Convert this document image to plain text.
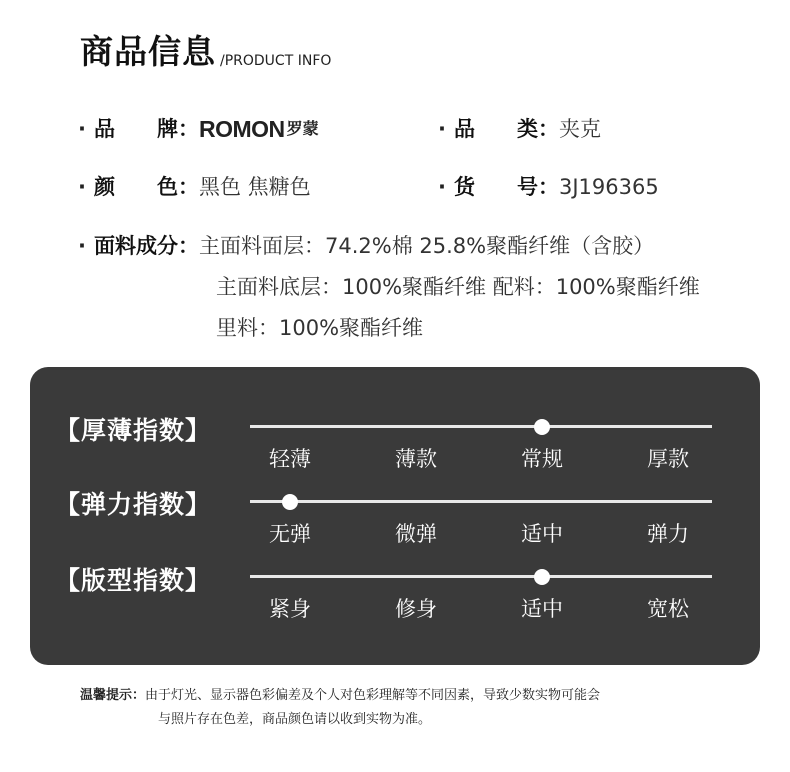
商品信息 /PRODUCT INFO
· 品　　牌： ROMON 罗蒙	· 品　　类： 夹克
· 颜　　色： 黑色 焦糖色	· 货　　号： 3J196365
· 面料成分： 主面料面层：74.2%棉 25.8%聚酯纤维（含胶）
主面料底层：100%聚酯纤维 配料：100%聚酯纤维
里料：100%聚酯纤维
【厚薄指数】
轻薄	薄款	常规	厚款
【弹力指数】
无弹	微弹	适中	弹力
【版型指数】
紧身	修身	适中	宽松
温馨提示：由于灯光、显示器色彩偏差及个人对色彩理解等不同因素，导致少数实物可能会
与照片存在色差，商品颜色请以收到实物为准。
